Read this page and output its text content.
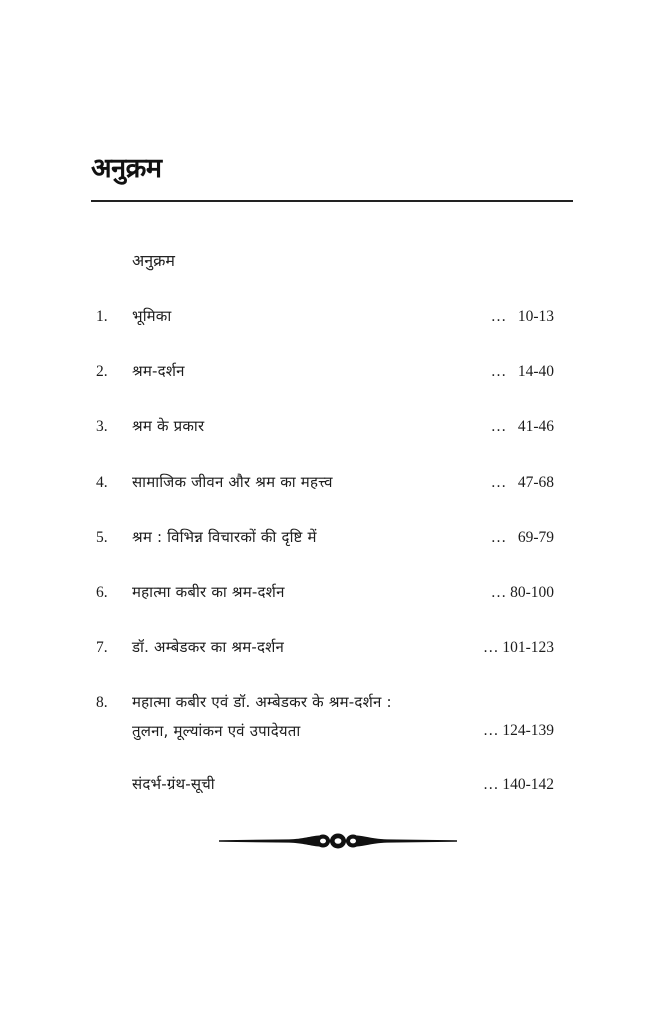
अनुक्रम
अनुक्रम
1. भूमिका	…   10-13
2. श्रम-दर्शन	…   14-40
3. श्रम के प्रकार	…   41-46
4. सामाजिक जीवन और श्रम का महत्त्व	…   47-68
5. श्रम : विभिन्न विचारकों की दृष्टि में	…   69-79
6. महात्मा कबीर का श्रम-दर्शन	… 80-100
7. डॉ. अम्बेडकर का श्रम-दर्शन	… 101-123
8. महात्मा कबीर एवं डॉ. अम्बेडकर के श्रम-दर्शन :
तुलना, मूल्यांकन एवं उपादेयता	… 124-139
संदर्भ-ग्रंथ-सूची	… 140-142
